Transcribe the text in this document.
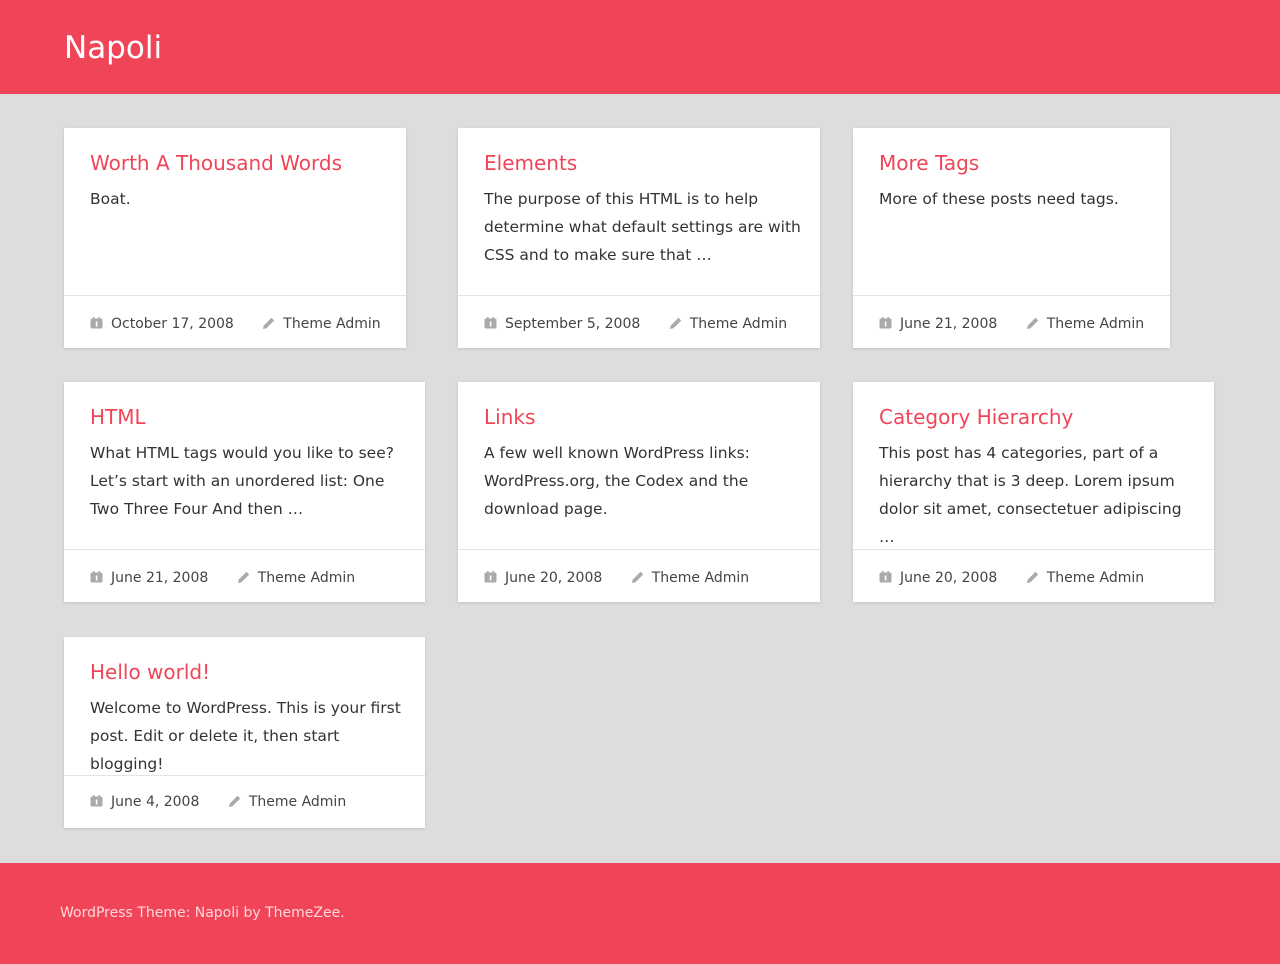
Napoli
Worth A Thousand Words

Boat.

October 17, 2008	Theme Admin
Elements

The purpose of this HTML is to help determine what default settings are with CSS and to make sure that …

September 5, 2008	Theme Admin
More Tags

More of these posts need tags.

June 21, 2008	Theme Admin
HTML

What HTML tags would you like to see? Let’s start with an unordered list: One Two Three Four And then …

June 21, 2008	Theme Admin
Links

A few well known WordPress links: WordPress.org, the Codex and the download page.

June 20, 2008	Theme Admin
Category Hierarchy

This post has 4 categories, part of a hierarchy that is 3 deep. Lorem ipsum dolor sit amet, consectetuer adipiscing …

June 20, 2008	Theme Admin
Hello world!

Welcome to WordPress. This is your first post. Edit or delete it, then start blogging!

June 4, 2008	Theme Admin

WordPress Theme: Napoli by ThemeZee.
